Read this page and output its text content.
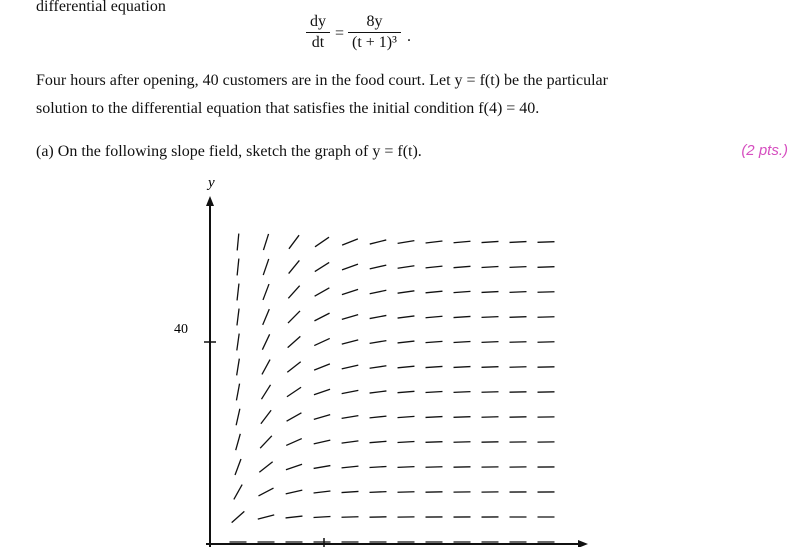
differential equation
dy
dt
=
8y
(t + 1)³ .
Four hours after opening, 40 customers are in the food court. Let y = f(t) be the particular
solution to the differential equation that satisfies the initial condition f(4) = 40.
(a) On the following slope field, sketch the graph of y = f(t).	(2 pts.)
y
40
